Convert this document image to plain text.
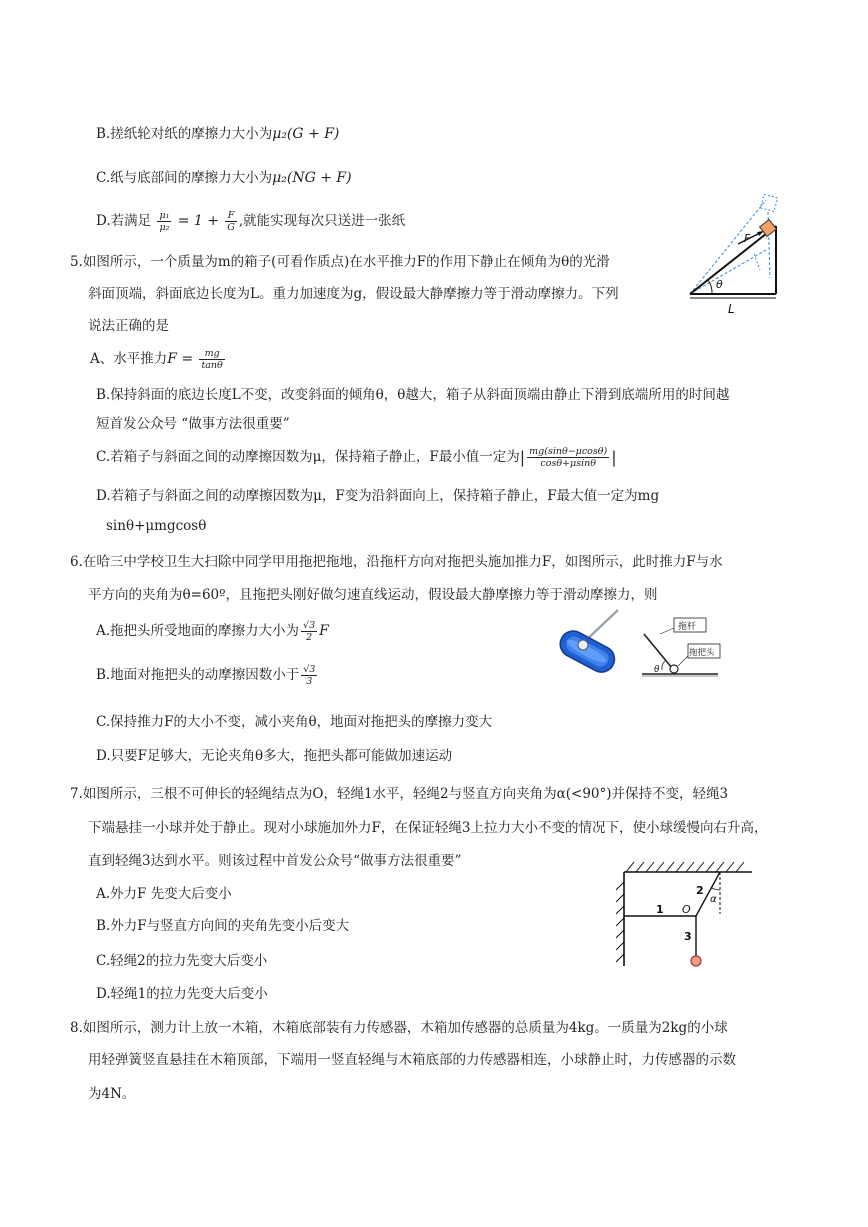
B.搓纸轮对纸的摩擦力大小为μ₂(G + F)
C.纸与底部间的摩擦力大小为μ₂(NG + F)
D.若满足 $\frac{\text{μ₁}}{\text{μ₂}} = 1 + \frac{F}{G}$ ,就能实现每次只送进一张纸
5.如图所示，一个质量为m的箱子(可看作质点)在水平推力F的作用下静止在倾角为θ的光滑
斜面顶端，斜面底边长度为L。重力加速度为g，假设最大静摩擦力等于滑动摩擦力。下列
说法正确的是
A、水平推力$F = \frac{mg}{\tan\theta}$
B.保持斜面的底边长度L不变，改变斜面的倾角θ，θ越大，箱子从斜面顶端由静止下滑到底端所用的时间越
短首发公众号 “做事方法很重要”
C.若箱子与斜面之间的动摩擦因数为μ，保持箱子静止，F最小值一定为| $\frac{mg(\sin\theta-\mu\cos\theta)}{\cos\theta+\mu\sin\theta}$ |
D.若箱子与斜面之间的动摩擦因数为μ，F变为沿斜面向上，保持箱子静止，F最大值一定为mg
sinθ+μmgcosθ
F
θ
L
6.在哈三中学校卫生大扫除中同学甲用拖把拖地，沿拖杆方向对拖把头施加推力F，如图所示，此时推力F与水
平方向的夹角为θ=60º，且拖把头刚好做匀速直线运动，假设最大静摩擦力等于滑动摩擦力，则
A.拖把头所受地面的摩擦力大小为 $\frac{√3}{2}$ F
B.地面对拖把头的动摩擦因数小于 $\frac{√3}{3}$
C.保持推力F的大小不变，减小夹角θ，地面对拖把头的摩擦力变大
D.只要F足够大，无论夹角θ多大，拖把头都可能做加速运动
θ
拖杆
拖把头
7.如图所示，三根不可伸长的轻绳结点为O，轻绳1水平，轻绳2与竖直方向夹角为α(<90°)并保持不变，轻绳3
下端悬挂一小球并处于静止。现对小球施加外力F，在保证轻绳3上拉力大小不变的情况下，使小球缓慢向右升高，
直到轻绳3达到水平。则该过程中首发公众号“做事方法很重要”
A.外力F 先变大后变小
B.外力F与竖直方向间的夹角先变小后变大
C.轻绳2的拉力先变大后变小
D.轻绳1的拉力先变大后变小
1
2
3
O
α
8.如图所示，测力计上放一木箱，木箱底部装有力传感器，木箱加传感器的总质量为4kg。一质量为2kg的小球
用轻弹簧竖直悬挂在木箱顶部，下端用一竖直轻绳与木箱底部的力传感器相连，小球静止时，力传感器的示数
为4N。
